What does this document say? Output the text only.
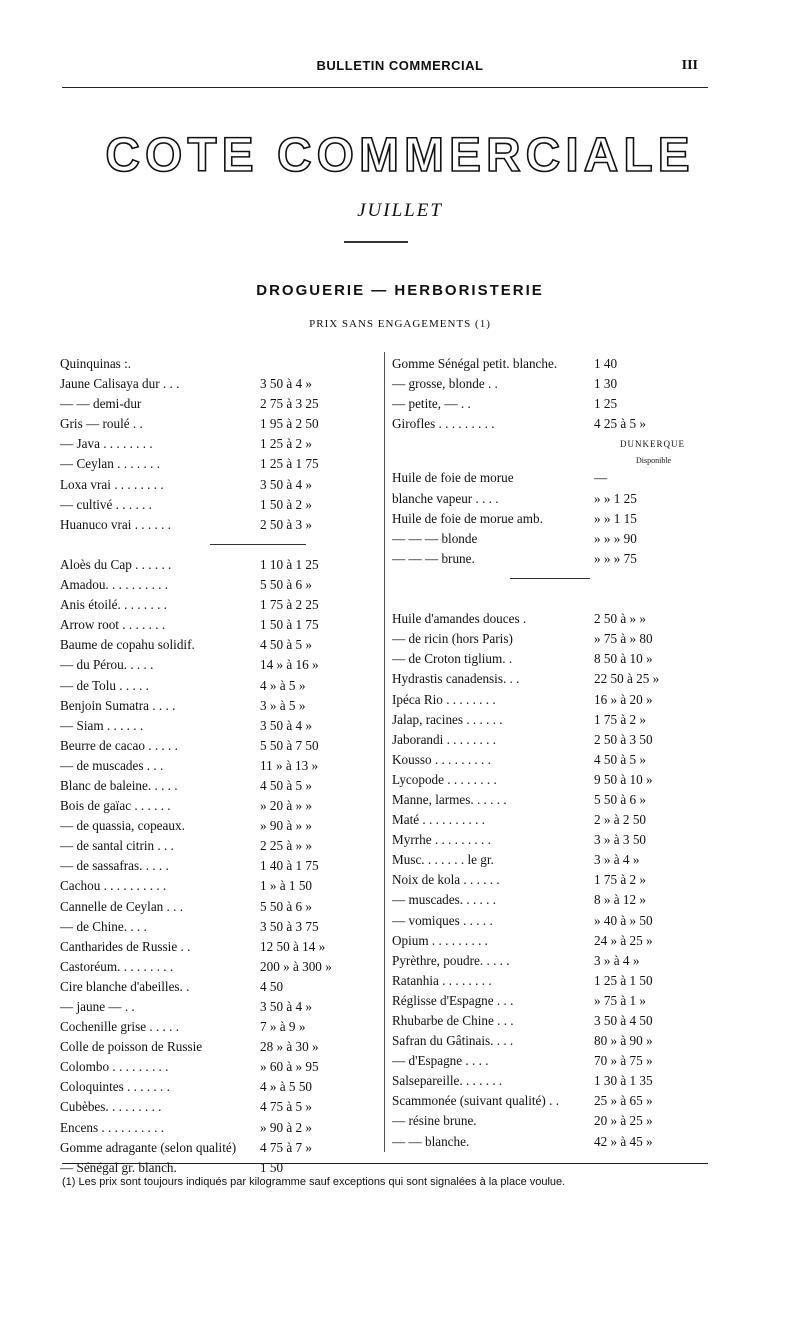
BULLETIN COMMERCIAL	III
COTE COMMERCIALE
JUILLET
DROGUERIE — HERBORISTERIE
PRIX SANS ENGAGEMENTS (1)
Quinquinas :.
Jaune Calisaya dur . . .	3 50 à 4 »
— — demi-dur	2 75 à 3 25
Gris — roulé . .	1 95 à 2 50
— Java . . . . . . . .	1 25 à 2 »
— Ceylan . . . . . . .	1 25 à 1 75
Loxa vrai . . . . . . . .	3 50 à 4 »
— cultivé . . . . . .	1 50 à 2 »
Huanuco vrai . . . . . .	2 50 à 3 »
Aloès du Cap . . . . . .	1 10 à 1 25
Amadou. . . . . . . . . .	5 50 à 6 »
Anis étoilé. . . . . . . .	1 75 à 2 25
Arrow root . . . . . . .	1 50 à 1 75
Baume de copahu solidif.	4 50 à 5 »
— du Pérou. . . . .	14 » à 16 »
— de Tolu . . . . .	4 » à 5 »
Benjoin Sumatra . . . .	3 » à 5 »
— Siam . . . . . .	3 50 à 4 »
Beurre de cacao . . . . .	5 50 à 7 50
— de muscades . . .	11 » à 13 »
Blanc de baleine. . . . .	4 50 à 5 »
Bois de gaïac . . . . . .	» 20 à » »
— de quassia, copeaux.	» 90 à » »
— de santal citrin . . .	2 25 à » »
— de sassafras. . . . .	1 40 à 1 75
Cachou . . . . . . . . . .	1 » à 1 50
Cannelle de Ceylan . . .	5 50 à 6 »
— de Chine. . . .	3 50 à 3 75
Cantharides de Russie . .	12 50 à 14 »
Castoréum. . . . . . . . .	200 » à 300 »
Cire blanche d'abeilles. .	4 50
— jaune — . .	3 50 à 4 »
Cochenille grise . . . . .	7 » à 9 »
Colle de poisson de Russie	28 » à 30 »
Colombo . . . . . . . . .	» 60 à » 95
Coloquintes . . . . . . .	4 » à 5 50
Cubèbes. . . . . . . . .	4 75 à 5 »
Encens . . . . . . . . . .	» 90 à 2 »
Gomme adragante (selon qualité) 4 75 à 7 »
— Sénégal gr. blanch.	1 50
Gomme Sénégal petit. blanche.	1 40
— grosse, blonde . .	1 30
— petite, — . .	1 25
Girofles . . . . . . . . .	4 25 à 5 »
DUNKERQUE
Disponible
Huile de foie de morue	—
blanche vapeur . . . .	» » 1 25
Huile de foie de morue amb.	» » 1 15
— — — blonde	» » » 90
— — — brune.	» » » 75
Huile d'amandes douces .	2 50 à » »
— de ricin (hors Paris)	» 75 à » 80
— de Croton tiglium. .	8 50 à 10 »
Hydrastis canadensis. . .	22 50 à 25 »
Ipéca Rio . . . . . . . .	16 » à 20 »
Jalap, racines . . . . . .	1 75 à 2 »
Jaborandi . . . . . . . .	2 50 à 3 50
Kousso . . . . . . . . .	4 50 à 5 »
Lycopode . . . . . . . .	9 50 à 10 »
Manne, larmes. . . . . .	5 50 à 6 »
Maté . . . . . . . . . .	2 » à 2 50
Myrrhe . . . . . . . . .	3 » à 3 50
Musc. . . . . . . le gr.	3 » à 4 »
Noix de kola . . . . . .	1 75 à 2 »
— muscades. . . . . .	8 » à 12 »
— vomiques . . . . .	» 40 à » 50
Opium . . . . . . . . .	24 » à 25 »
Pyrèthre, poudre. . . . .	3 » à 4 »
Ratanhia . . . . . . . .	1 25 à 1 50
Réglisse d'Espagne . . .	» 75 à 1 »
Rhubarbe de Chine . . .	3 50 à 4 50
Safran du Gâtinais. . . .	80 » à 90 »
— d'Espagne . . . .	70 » à 75 »
Salsepareille. . . . . . .	1 30 à 1 35
Scammonée (suivant qualité) . .	25 » à 65 »
— résine brune.	20 » à 25 »
— — blanche.	42 » à 45 »
(1) Les prix sont toujours indiqués par kilogramme sauf exceptions qui sont signalées à la place voulue.
